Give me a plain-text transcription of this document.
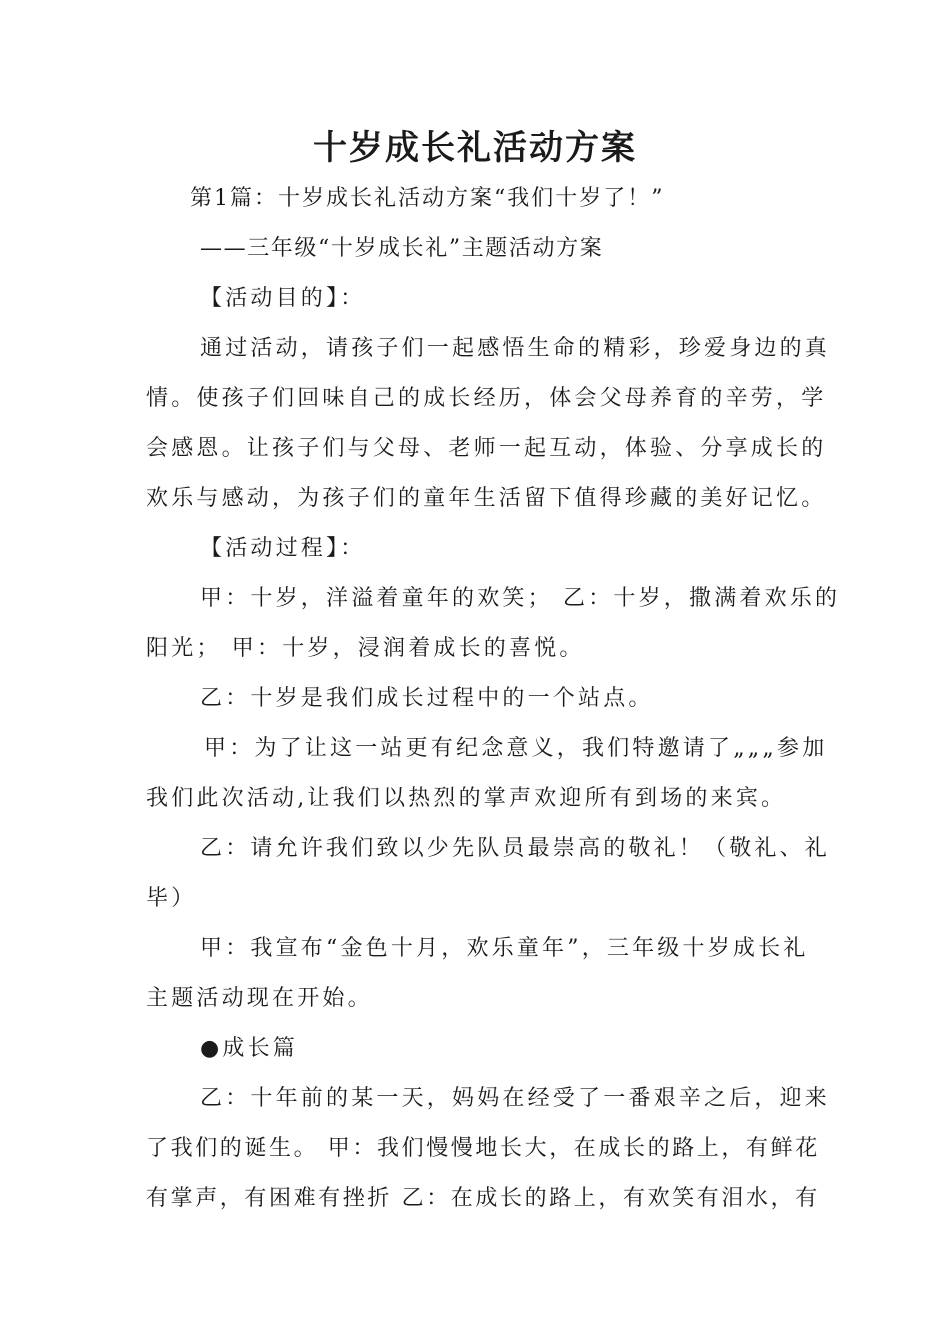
十岁成长礼活动方案

第1篇：十岁成长礼活动方案“我们十岁了！”

——三年级“十岁成长礼”主题活动方案

【活动目的】：

通过活动，请孩子们一起感悟生命的精彩，珍爱身边的真

情。使孩子们回味自己的成长经历，体会父母养育的辛劳，学

会感恩。让孩子们与父母、老师一起互动，体验、分享成长的

欢乐与感动，为孩子们的童年生活留下值得珍藏的美好记忆。

【活动过程】：

甲：十岁，洋溢着童年的欢笑； 乙：十岁，撒满着欢乐的

阳光； 甲：十岁，浸润着成长的喜悦。

乙：十岁是我们成长过程中的一个站点。

甲：为了让这一站更有纪念意义，我们特邀请了„„„参加

我们此次活动,让我们以热烈的掌声欢迎所有到场的来宾。

乙：请允许我们致以少先队员最崇高的敬礼！（敬礼、礼

毕）

甲：我宣布“金色十月，欢乐童年”，三年级十岁成长礼

主题活动现在开始。

●成长篇

乙：十年前的某一天，妈妈在经受了一番艰辛之后，迎来

了我们的诞生。 甲：我们慢慢地长大，在成长的路上，有鲜花

有掌声，有困难有挫折 乙：在成长的路上，有欢笑有泪水，有
